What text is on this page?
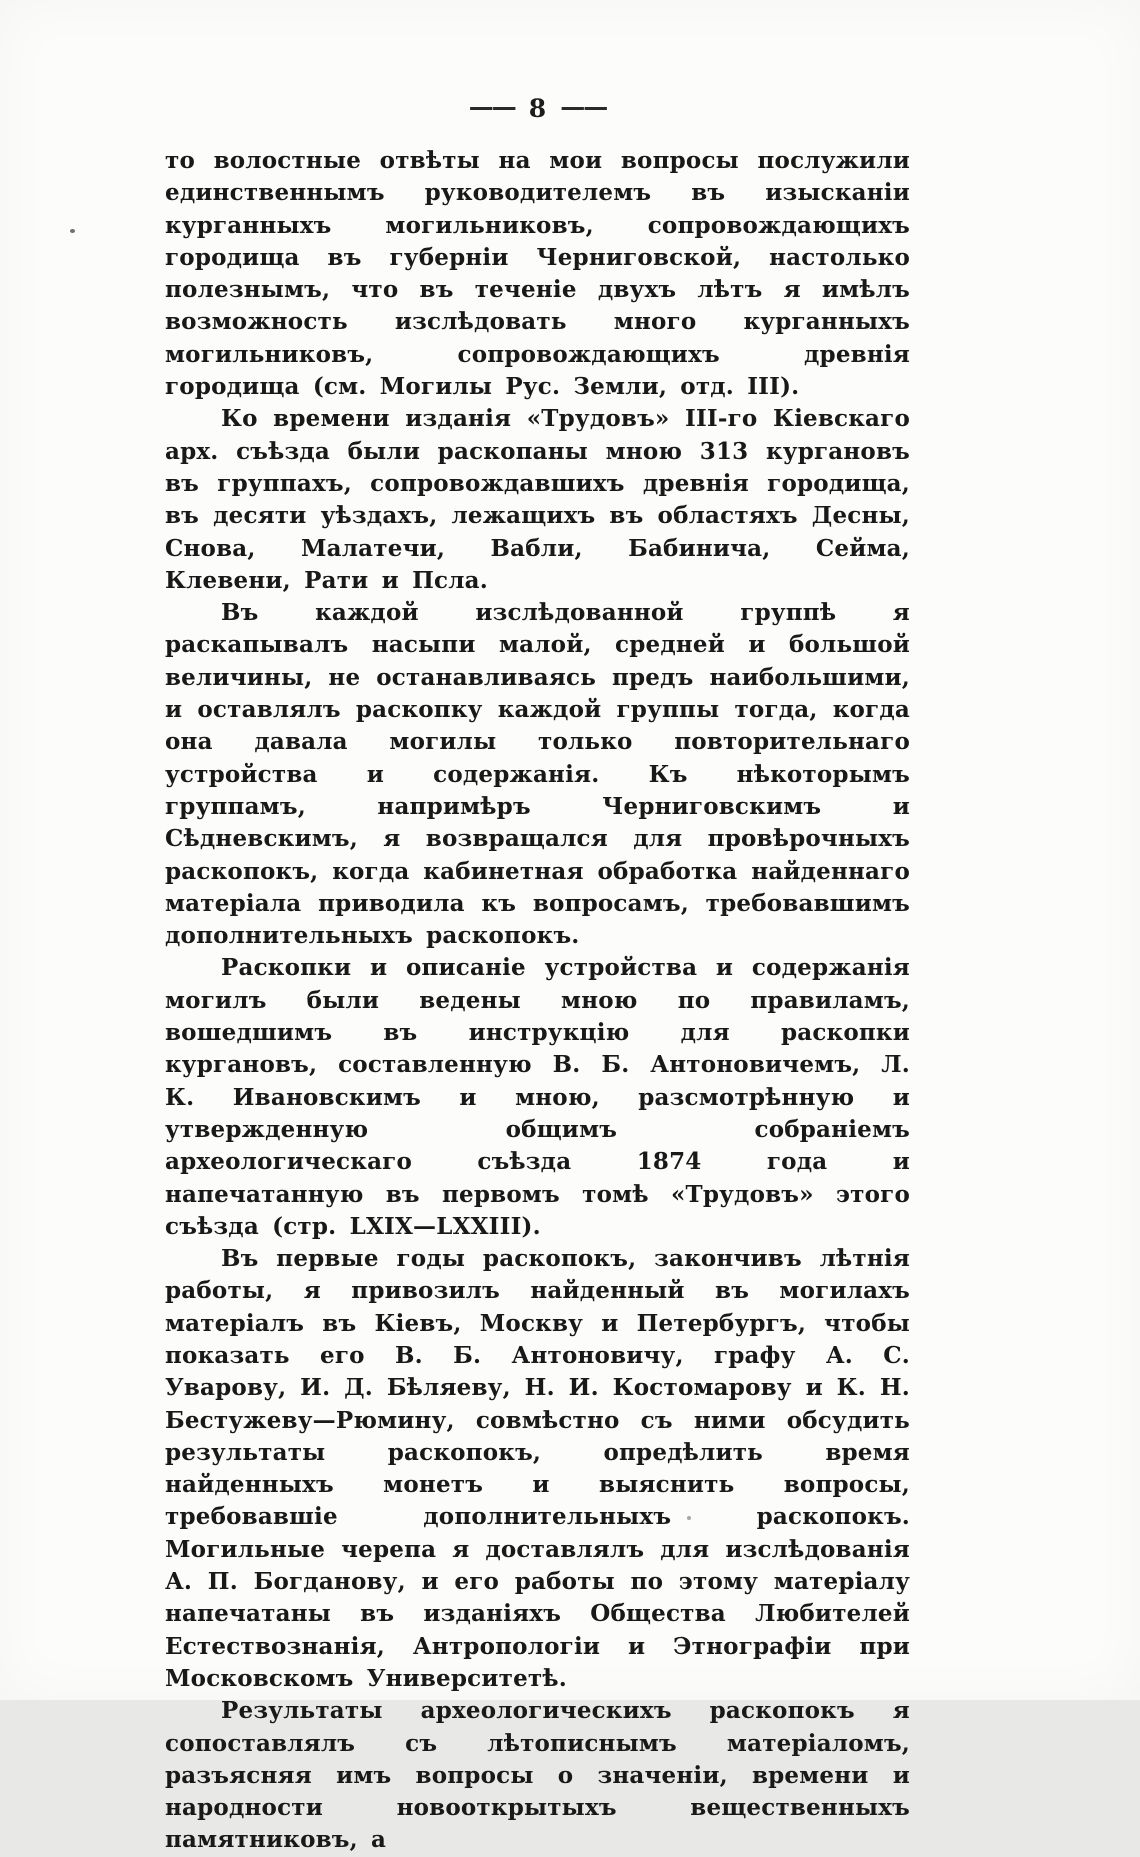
—— 8 ——

то волостные отвѣты на мои вопросы послужили единственнымъ руководителемъ въ изысканіи курганныхъ могильниковъ, сопровождающихъ городища въ губерніи Черниговской, настолько полезнымъ, что въ теченіе двухъ лѣтъ я имѣлъ возможность изслѣдовать много курганныхъ могильниковъ, сопровождающихъ древнія городища (см. Могилы Рус. Земли, отд. III).

Ко времени изданія «Трудовъ» III-го Кіевскаго арх. съѣзда были раскопаны мною 313 кургановъ въ группахъ, сопровождавшихъ древнія городища, въ десяти уѣздахъ, лежащихъ въ областяхъ Десны, Снова, Малатечи, Вабли, Бабинича, Сейма, Клевени, Рати и Псла.

Въ каждой изслѣдованной группѣ я раскапывалъ насыпи малой, средней и большой величины, не останавливаясь предъ наибольшими, и оставлялъ раскопку каждой группы тогда, когда она давала могилы только повторительнаго устройства и содержанія. Къ нѣкоторымъ группамъ, напримѣръ Черниговскимъ и Сѣдневскимъ, я возвращался для провѣрочныхъ раскопокъ, когда кабинетная обработка найденнаго матеріала приводила къ вопросамъ, требовавшимъ дополнительныхъ раскопокъ.

Раскопки и описаніе устройства и содержанія могилъ были ведены мною по правиламъ, вошедшимъ въ инструкцію для раскопки кургановъ, составленную В. Б. Антоновичемъ, Л. К. Ивановскимъ и мною, разсмотрѣнную и утвержденную общимъ собраніемъ археологическаго съѣзда 1874 года и напечатанную въ первомъ томѣ «Трудовъ» этого съѣзда (стр. LXIX—LXXIII).

Въ первые годы раскопокъ, закончивъ лѣтнія работы, я привозилъ найденный въ могилахъ матеріалъ въ Кіевъ, Москву и Петербургъ, чтобы показать его В. Б. Антоновичу, графу А. С. Уварову, И. Д. Бѣляеву, Н. И. Костомарову и К. Н. Бестужеву—Рюмину, совмѣстно съ ними обсудить результаты раскопокъ, опредѣлить время найденныхъ монетъ и выяснить вопросы, требовавшіе дополнительныхъ раскопокъ. Могильные черепа я доставлялъ для изслѣдованія А. П. Богданову, и его работы по этому матеріалу напечатаны въ изданіяхъ Общества Любителей Естествознанія, Антропологіи и Этнографіи при Московскомъ Университетѣ.

Результаты археологическихъ раскопокъ я сопоставлялъ съ лѣтописнымъ матеріаломъ, разъясняя имъ вопросы о значеніи, времени и народности новооткрытыхъ вещественныхъ памятниковъ, а
